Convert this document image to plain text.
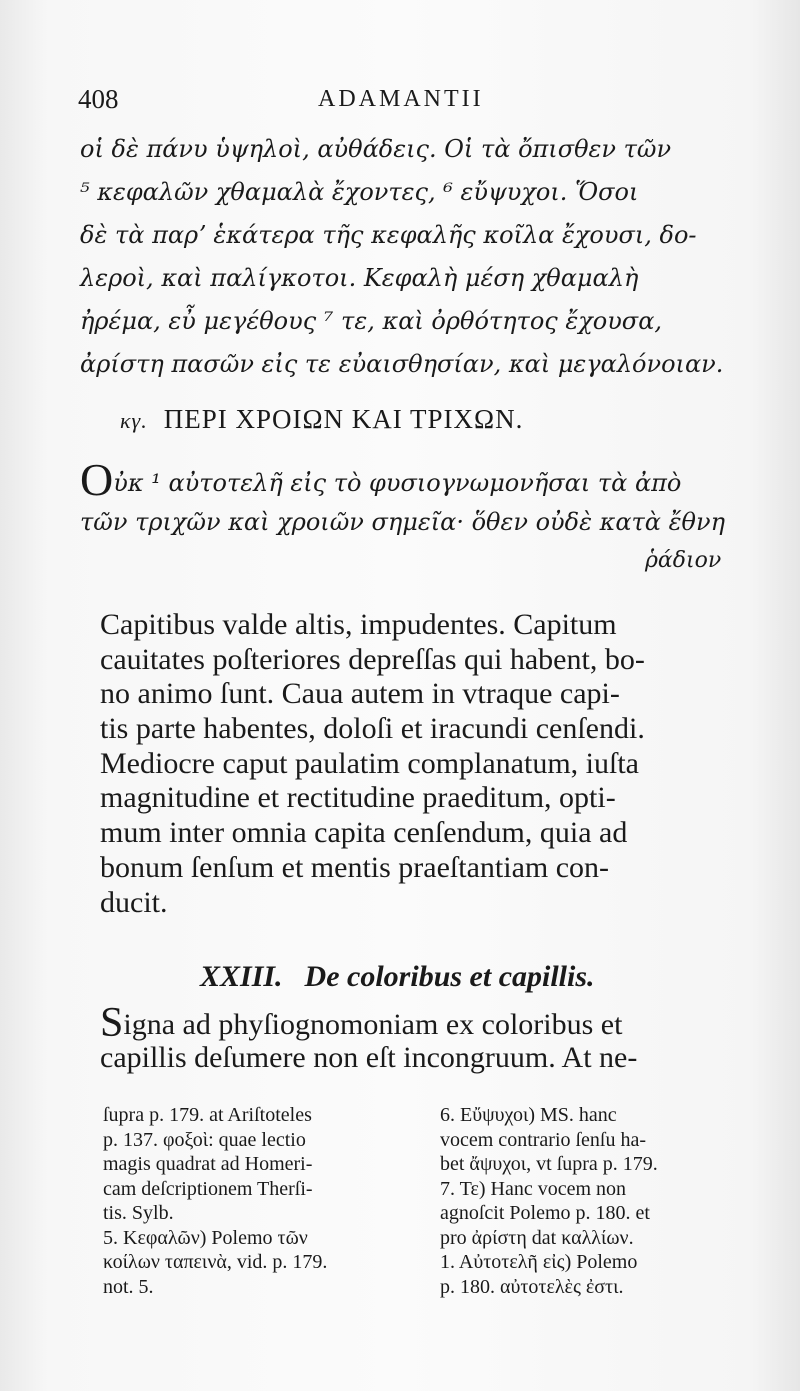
408	ADAMANTII
οἱ δὲ πάνυ ὑψηλοὶ, αὐθάδεις. Οἱ τὰ ὄπισθεν τῶν
⁵ κεφαλῶν χθαμαλὰ ἔχοντες, ⁶ εὔψυχοι. Ὅσοι
δὲ τὰ παρʼ ἑκάτερα τῆς κεφαλῆς κοῖλα ἔχουσι, δο-
λεροὶ, καὶ παλίγκοτοι. Κεφαλὴ μέση χθαμαλὴ
ἠρέμα, εὖ μεγέθους ⁷ τε, καὶ ὀρθότητος ἔχουσα,
ἀρίστη πασῶν εἰς τε εὐαισθησίαν, καὶ μεγαλόνοιαν.
κγ. ΠΕΡΙ ΧΡΟΙΩΝ ΚΑΙ ΤΡΙΧΩΝ.
Oὐκ ¹ αὐτοτελῆ εἰς τὸ φυσιογνωμονῆσαι τὰ ἀπὸ
τῶν τριχῶν καὶ χροιῶν σημεῖα· ὅθεν οὐδὲ κατὰ ἔθνη
ῥάδιον
Capitibus valde altis, impudentes. Capitum
cauitates poſteriores depreſſas qui habent, bo-
no animo ſunt. Caua autem in vtraque capi-
tis parte habentes, doloſi et iracundi cenſendi.
Mediocre caput paulatim complanatum, iuſta
magnitudine et rectitudine praeditum, opti-
mum inter omnia capita cenſendum, quia ad
bonum ſenſum et mentis praeſtantiam con-
ducit.
XXIII. De coloribus et capillis.
Signa ad phyſiognomoniam ex coloribus et
capillis deſumere non eſt incongruum. At ne-
ſupra p. 179. at Ariſtoteles
p. 137. φοξοὶ: quae lectio
magis quadrat ad Homeri-
cam deſcriptionem Therſi-
tis. Sylb.
5. Κεφαλῶν) Polemo τῶν
κοίλων ταπεινὰ, vid. p. 179.
not. 5.
6. Εὔψυχοι) MS. hanc
vocem contrario ſenſu ha-
bet ἄψυχοι, vt ſupra p. 179.
7. Τε) Hanc vocem non
agnoſcit Polemo p. 180. et
pro ἀρίστη dat καλλίων.
1. Αὐτοτελῆ εἰς) Polemo
p. 180. αὐτοτελὲς ἐστι.
